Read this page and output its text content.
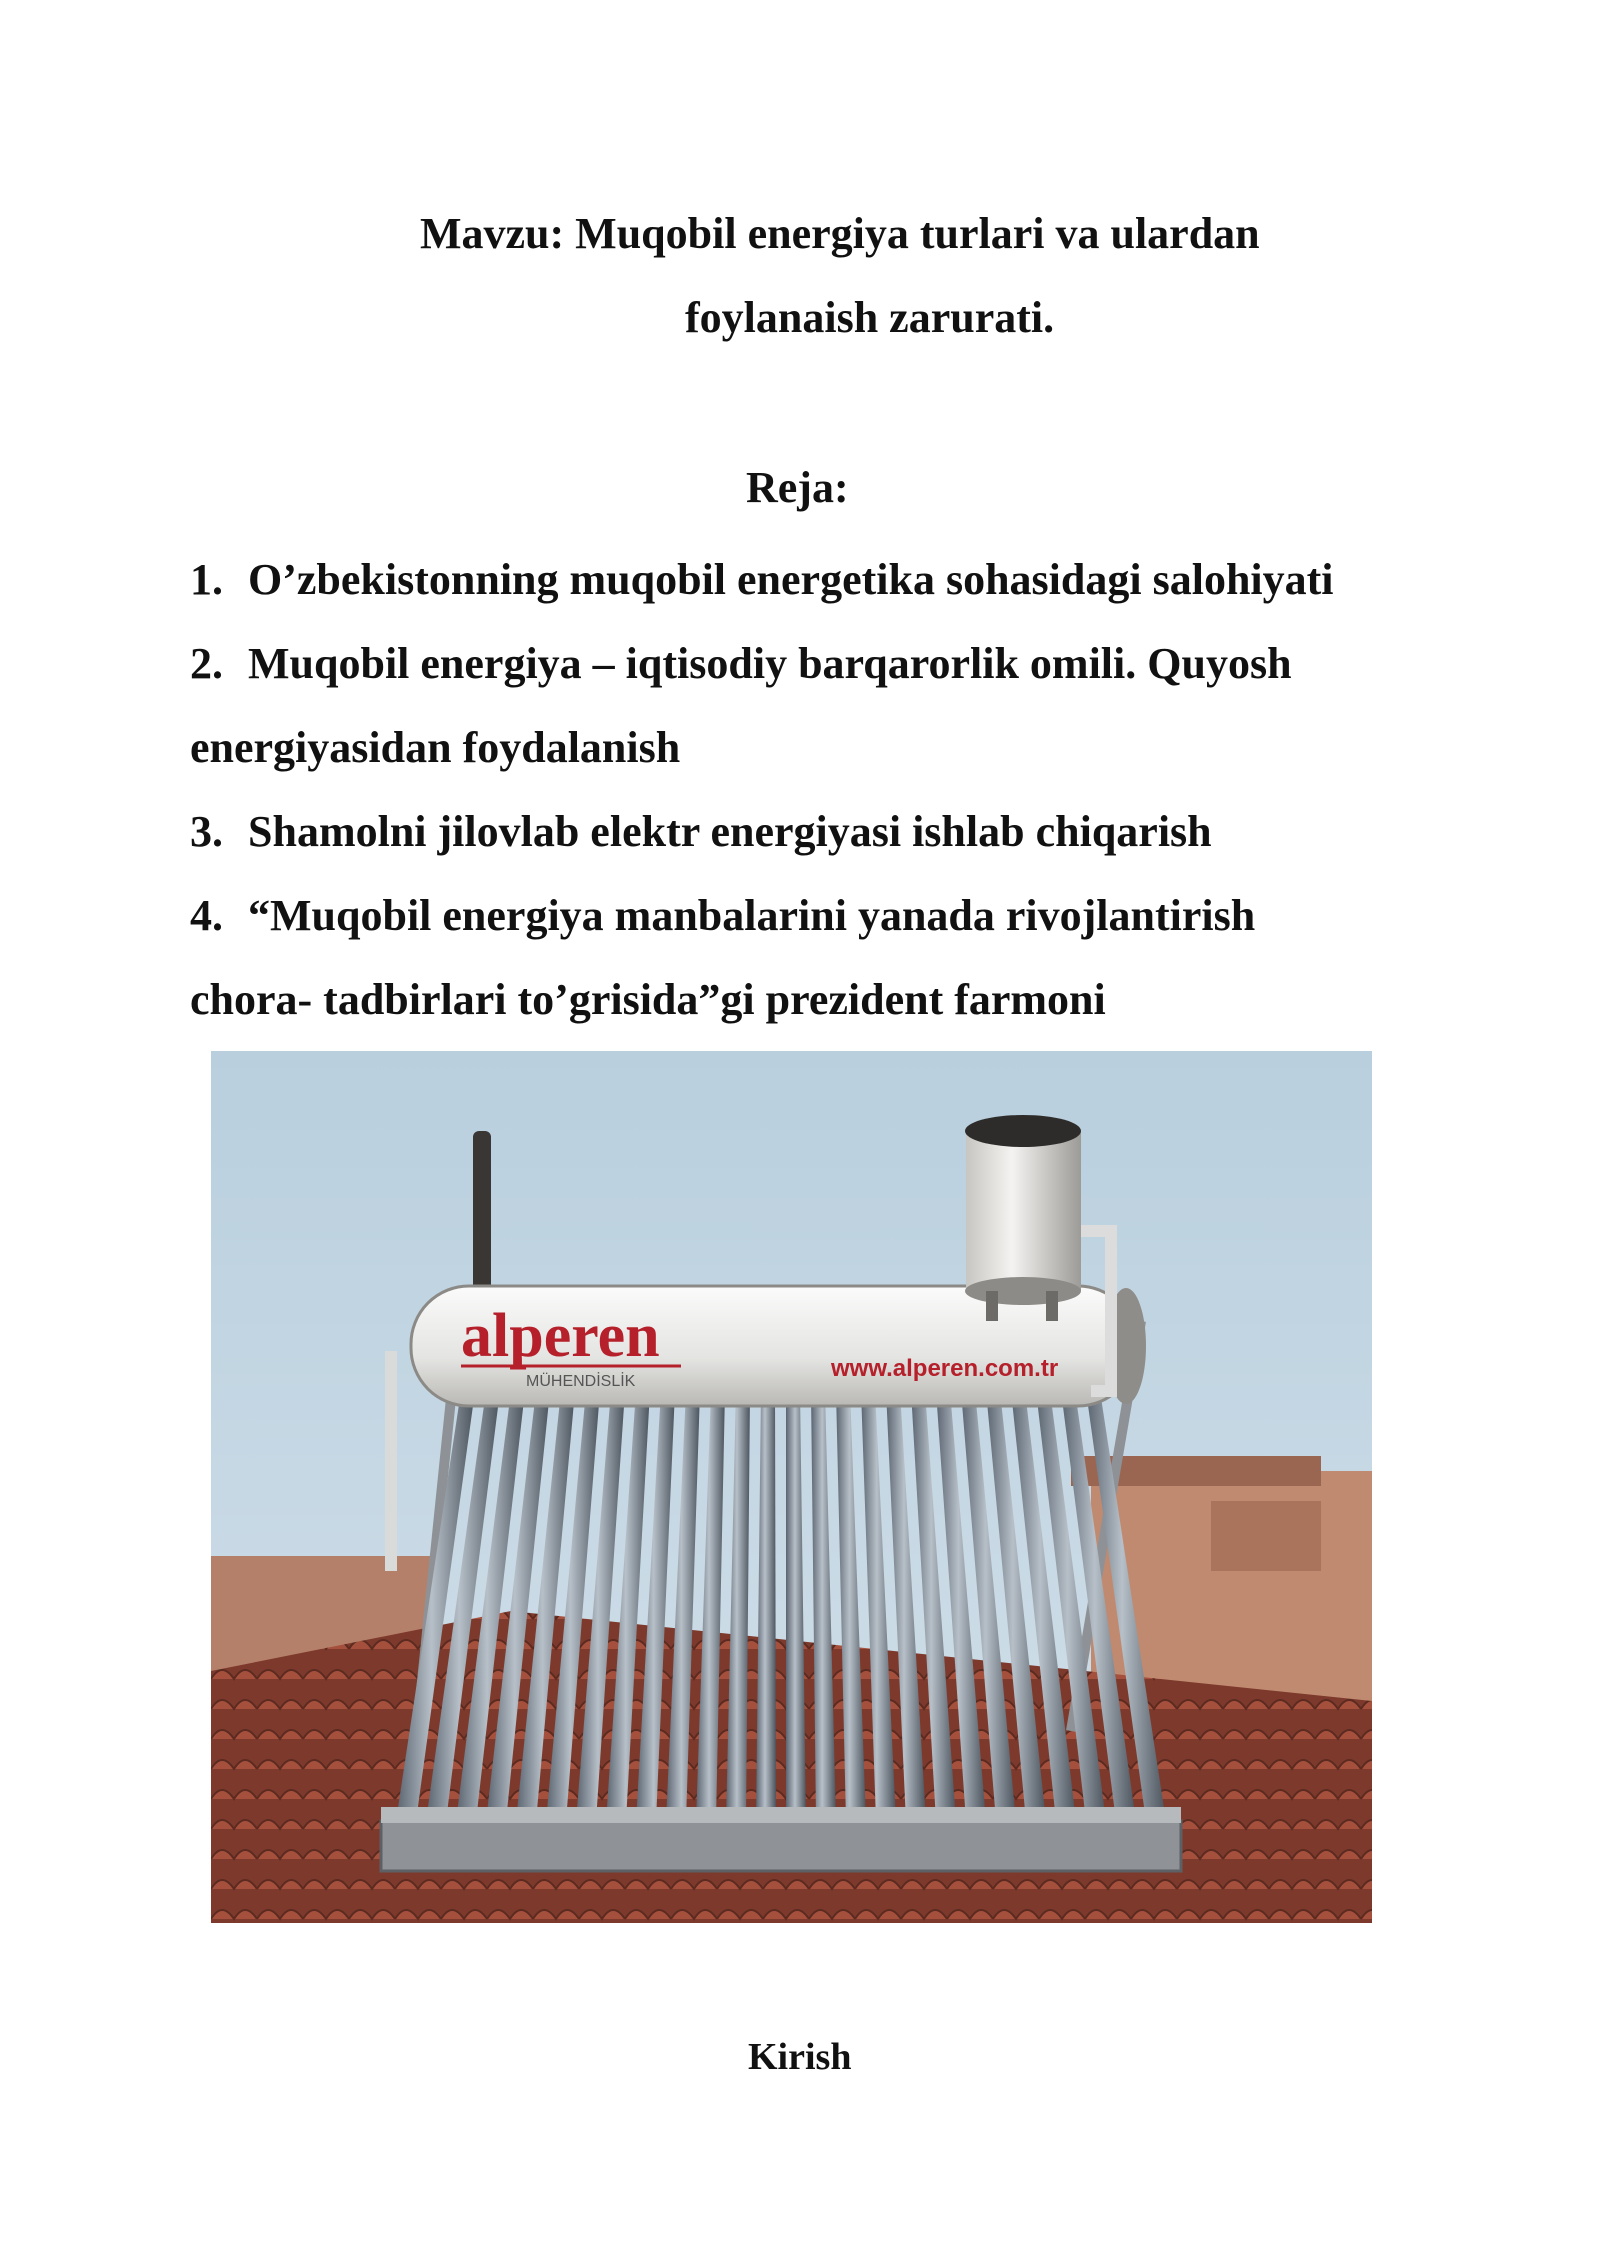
Mavzu: Muqobil energiya turlari va ulardan

foylanaish zarurati.

Reja:

1. O’zbekistonning muqobil energetika sohasidagi salohiyati
2. Muqobil energiya – iqtisodiy barqarorlik omili. Quyosh
energiyasidan foydalanish
3. Shamolni jilovlab elektr energiyasi ishlab chiqarish
4. “Muqobil energiya manbalarini yanada rivojlantirish
chora- tadbirlari to’grisida”gi prezident farmoni
alperen
MÜHENDİSLİK	www.alperen.com.tr

Kirish
